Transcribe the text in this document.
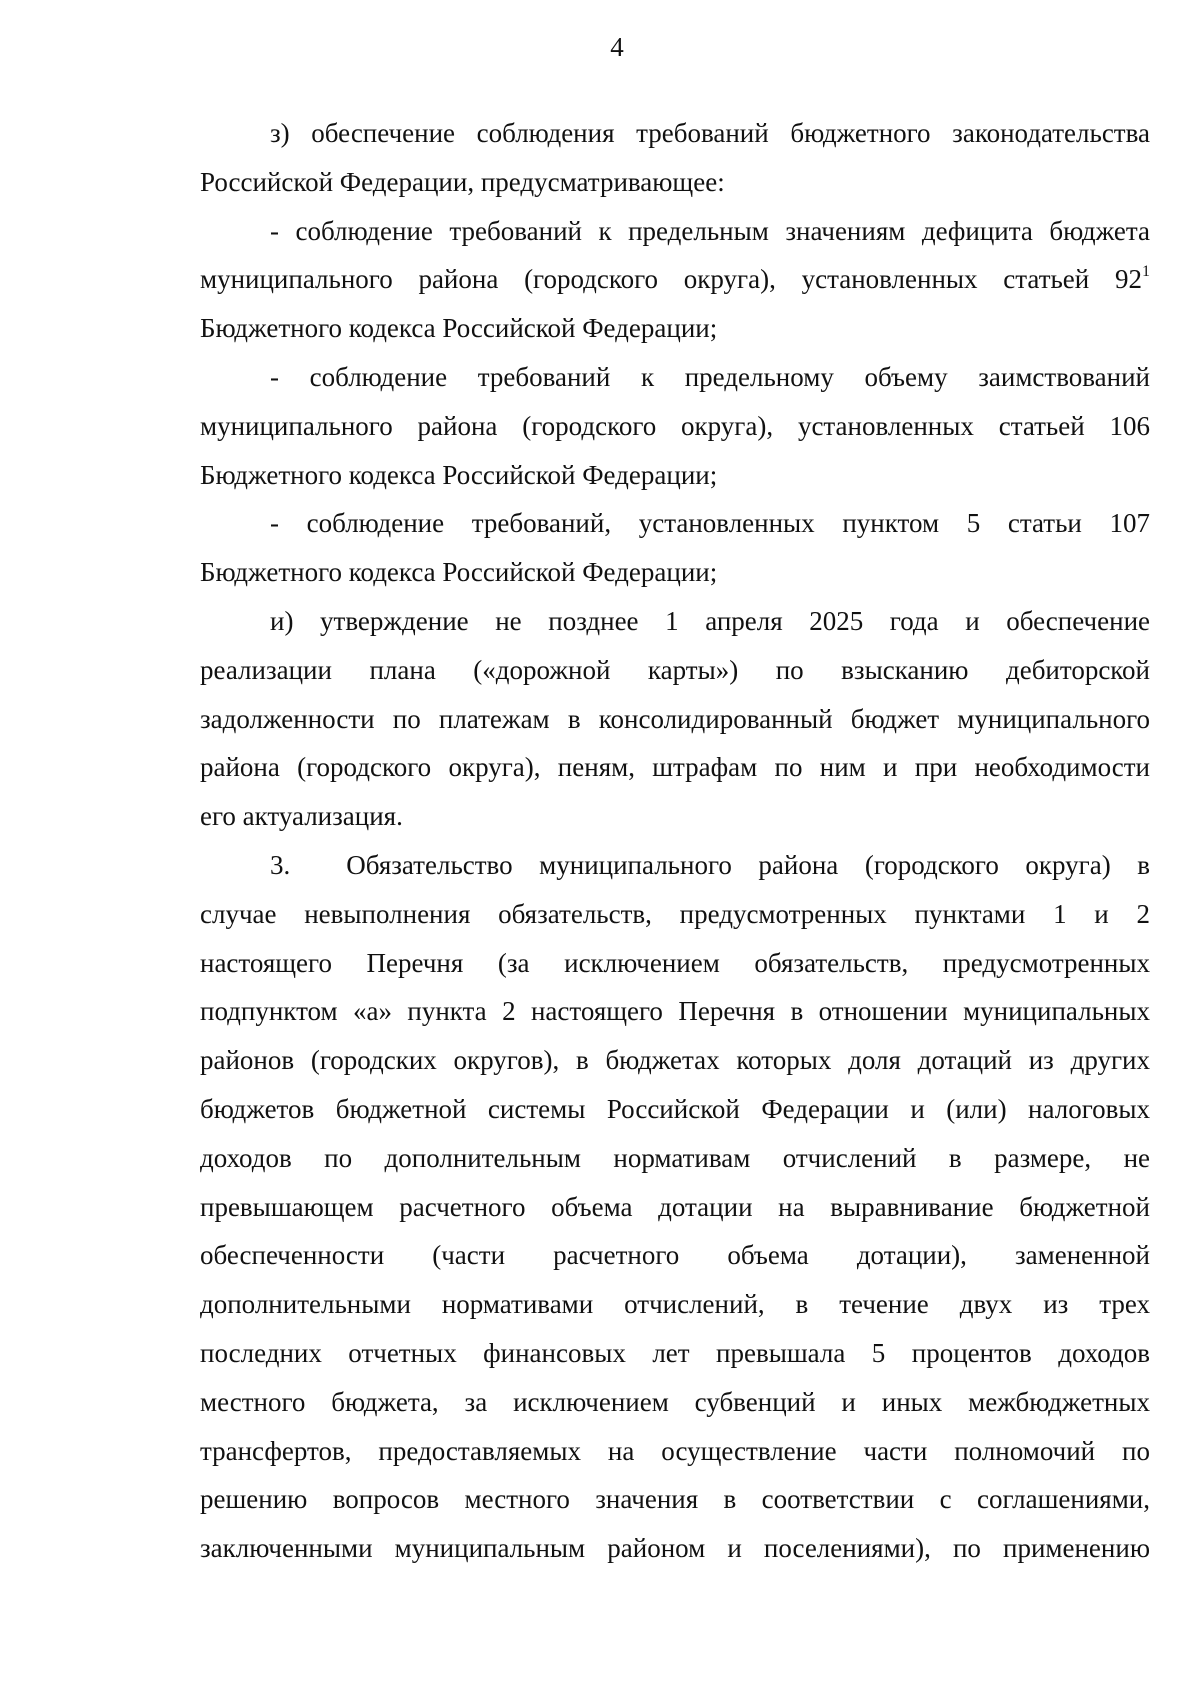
4
з) обеспечение соблюдения требований бюджетного законодательства
Российской Федерации, предусматривающее:
- соблюдение требований к предельным значениям дефицита бюджета
муниципального района (городского округа), установленных статьей $92^1$
Бюджетного кодекса Российской Федерации;
- соблюдение требований к предельному объему заимствований
муниципального района (городского округа), установленных статьей 106
Бюджетного кодекса Российской Федерации;
- соблюдение требований, установленных пунктом 5 статьи 107
Бюджетного кодекса Российской Федерации;
и) утверждение не позднее 1 апреля 2025 года и обеспечение
реализации плана («дорожной карты») по взысканию дебиторской
задолженности по платежам в консолидированный бюджет муниципального
района (городского округа), пеням, штрафам по ним и при необходимости
его актуализация.
3. Обязательство муниципального района (городского округа) в
случае невыполнения обязательств, предусмотренных пунктами 1 и 2
настоящего Перечня (за исключением обязательств, предусмотренных
подпунктом «а» пункта 2 настоящего Перечня в отношении муниципальных
районов (городских округов), в бюджетах которых доля дотаций из других
бюджетов бюджетной системы Российской Федерации и (или) налоговых
доходов по дополнительным нормативам отчислений в размере, не
превышающем расчетного объема дотации на выравнивание бюджетной
обеспеченности (части расчетного объема дотации), замененной
дополнительными нормативами отчислений, в течение двух из трех
последних отчетных финансовых лет превышала 5 процентов доходов
местного бюджета, за исключением субвенций и иных межбюджетных
трансфертов, предоставляемых на осуществление части полномочий по
решению вопросов местного значения в соответствии с соглашениями,
заключенными муниципальным районом и поселениями), по применению
